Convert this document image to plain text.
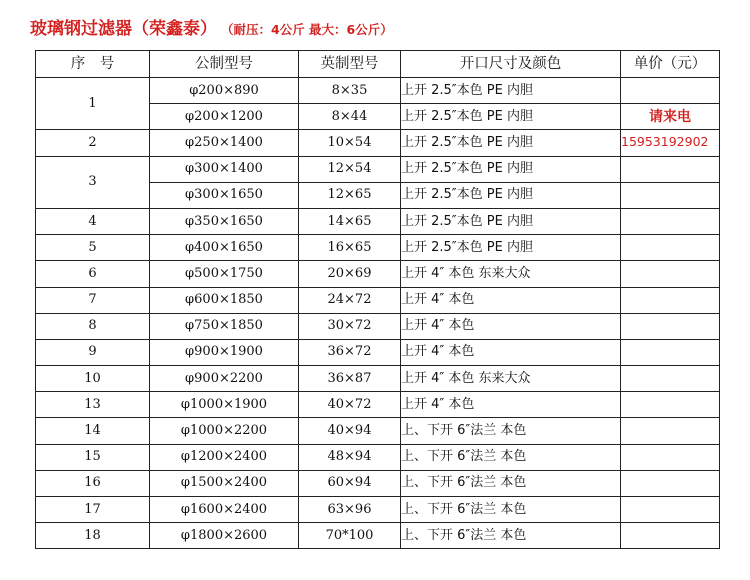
玻璃钢过滤器（荣鑫泰） （耐压：4公斤 最大：6公斤）
序　号	公制型号	英制型号	开口尺寸及颜色	单价（元）
1	φ200×890	8×35	上开 2.5″本色 PE 内胆	
	φ200×1200	8×44	上开 2.5″本色 PE 内胆	请来电

2	φ250×1400	10×54	上开 2.5″本色 PE 内胆	15953192902
3	φ300×1400	12×54	上开 2.5″本色 PE 内胆	
	φ300×1650	12×65	上开 2.5″本色 PE 内胆	
4	φ350×1650	14×65	上开 2.5″本色 PE 内胆	
5	φ400×1650	16×65	上开 2.5″本色 PE 内胆	
6	φ500×1750	20×69	上开 4″ 本色 东来大众	
7	φ600×1850	24×72	上开 4″ 本色	
8	φ750×1850	30×72	上开 4″ 本色	
9	φ900×1900	36×72	上开 4″ 本色	
10	φ900×2200	36×87	上开 4″ 本色 东来大众	
13	φ1000×1900	40×72	上开 4″ 本色	
14	φ1000×2200	40×94	上、下开 6″法兰 本色	
15	φ1200×2400	48×94	上、下开 6″法兰 本色	
16	φ1500×2400	60×94	上、下开 6″法兰 本色	
17	φ1600×2400	63×96	上、下开 6″法兰 本色	
18	φ1800×2600	70*100	上、下开 6″法兰 本色	
